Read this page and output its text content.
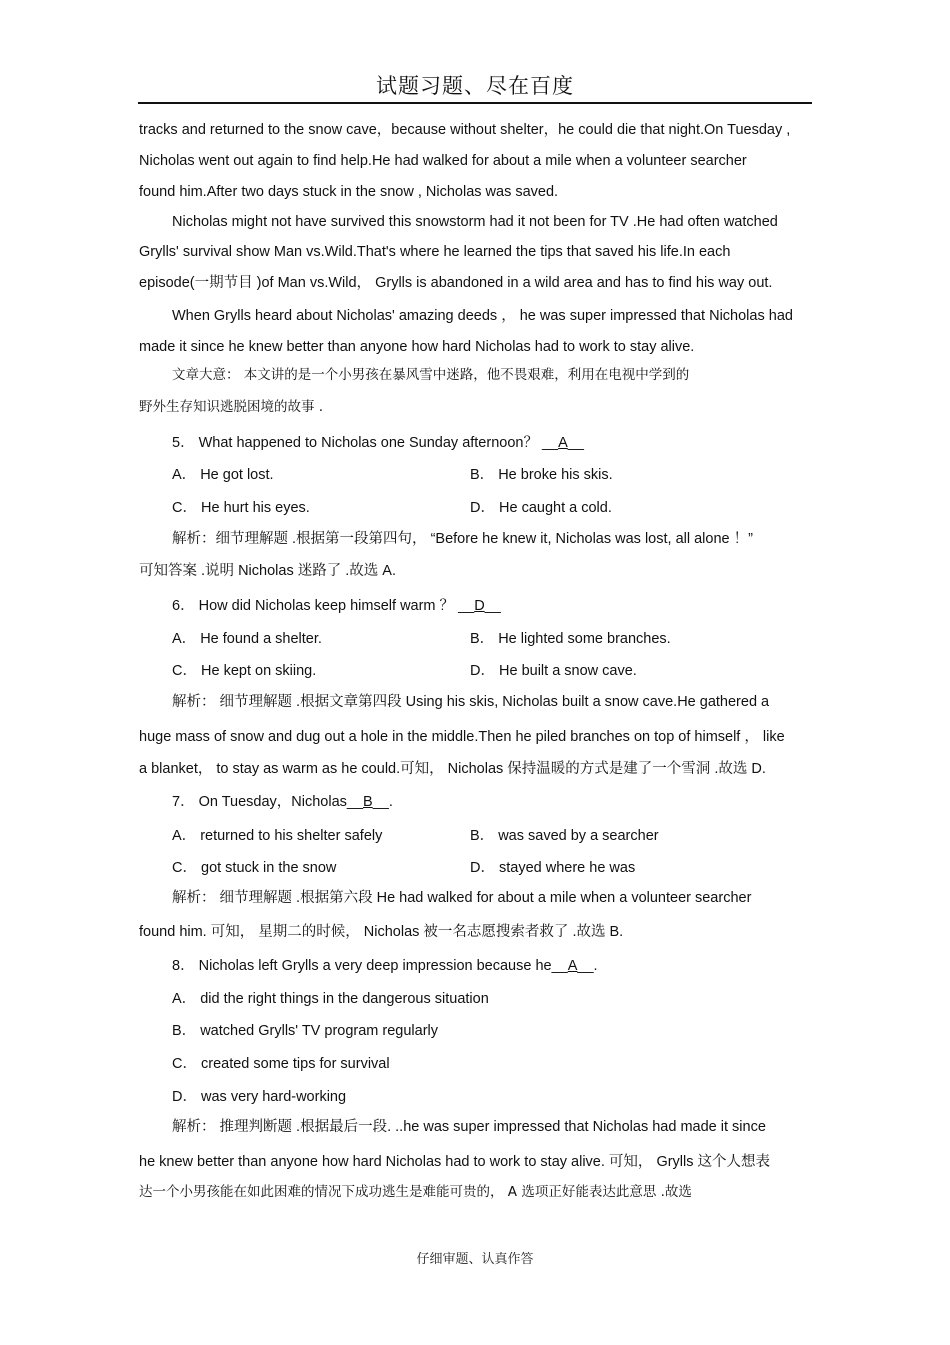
试题习题、尽在百度
tracks and returned to the snow cave，because without shelter，he could die that night.On Tuesday ,
Nicholas went out again to find help.He had walked for about a mile when a volunteer searcher
found him.After two days stuck in the snow , Nicholas was saved.
Nicholas might not have survived this snowstorm had it not been for TV .He had often watched
Grylls' survival show Man vs.Wild.That's where he learned the tips that saved his life.In each
episode(一期节目 )of Man vs.Wild， Grylls is abandoned in a wild area and has to find his way out.
When Grylls heard about Nicholas' amazing deeds ， he was super impressed that Nicholas had
made it since he knew better than anyone how hard Nicholas had to work to stay alive.
文章大意： 本文讲的是一个小男孩在暴风雪中迷路，他不畏艰难，利用在电视中学到的
野外生存知识逃脱困境的故事 .
5． What happened to Nicholas one Sunday afternoon？ __A__
A． He got lost.	B． He broke his skis.
C． He hurt his eyes.	D． He caught a cold.
解析：细节理解题 .根据第一段第四句， “Before he knew it, Nicholas was lost, all alone ！”
可知答案 .说明 Nicholas 迷路了 .故选 A.
6． How did Nicholas keep himself warm ？ __D__
A． He found a shelter.	B． He lighted some branches.
C． He kept on skiing.	D． He built a snow cave.
解析： 细节理解题 .根据文章第四段 Using his skis, Nicholas built a snow cave.He gathered a
huge mass of snow and dug out a hole in the middle.Then he piled branches on top of himself ， like
a blanket， to stay as warm as he could.可知， Nicholas 保持温暖的方式是建了一个雪洞 .故选 D.
7． On Tuesday，Nicholas__B__.
A． returned to his shelter safely	B． was saved by a searcher
C． got stuck in the snow	D． stayed where he was
解析： 细节理解题 .根据第六段 He had walked for about a mile when a volunteer searcher
found him. 可知， 星期二的时候， Nicholas 被一名志愿搜索者救了 .故选 B.
8． Nicholas left Grylls a very deep impression because he__A__.
A． did the right things in the dangerous situation
B． watched Grylls' TV program regularly
C． created some tips for survival
D． was very hard-working
解析： 推理判断题 .根据最后一段. ..he was super impressed that Nicholas had made it since
he knew better than anyone how hard Nicholas had to work to stay alive. 可知， Grylls 这个人想表
达一个小男孩能在如此困难的情况下成功逃生是难能可贵的， A 选项正好能表达此意思 .故选
仔细审题、认真作答
